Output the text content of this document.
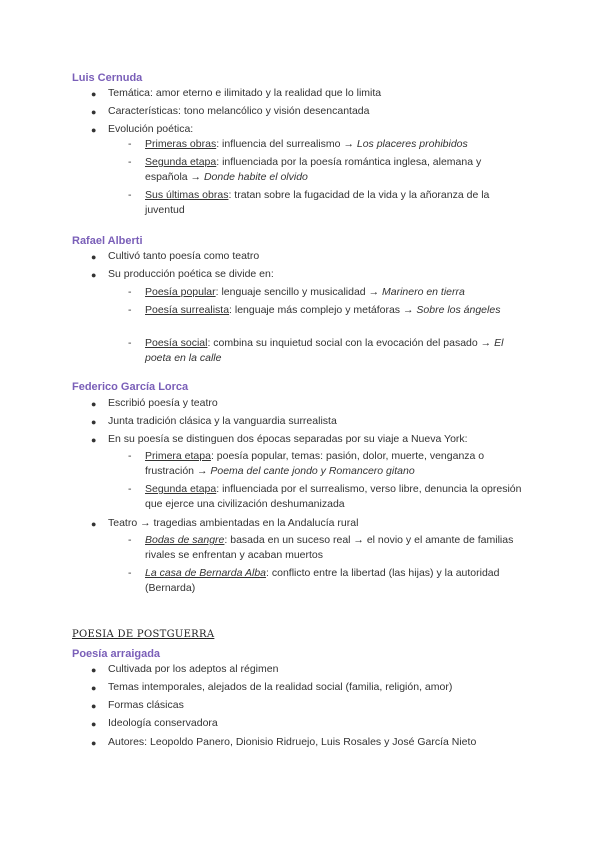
Luis Cernuda
● Temática: amor eterno e ilimitado y la realidad que lo limita
● Características: tono melancólico y visión desencantada
● Evolución poética:
- Primeras obras: influencia del surrealismo → Los placeres prohibidos
- Segunda etapa: influenciada por la poesía romántica inglesa, alemana y española → Donde habite el olvido
- Sus últimas obras: tratan sobre la fugacidad de la vida y la añoranza de la juventud
Rafael Alberti
● Cultivó tanto poesía como teatro
● Su producción poética se divide en:
- Poesía popular: lenguaje sencillo y musicalidad → Marinero en tierra
- Poesía surrealista: lenguaje más complejo y metáforas → Sobre los ángeles
- Poesía social: combina su inquietud social con la evocación del pasado → El poeta en la calle
Federico García Lorca
● Escribió poesía y teatro
● Junta tradición clásica y la vanguardia surrealista
● En su poesía se distinguen dos épocas separadas por su viaje a Nueva York:
- Primera etapa: poesía popular, temas: pasión, dolor, muerte, venganza o frustración → Poema del cante jondo y Romancero gitano
- Segunda etapa: influenciada por el surrealismo, verso libre, denuncia la opresión que ejerce una civilización deshumanizada
● Teatro → tragedias ambientadas en la Andalucía rural
- Bodas de sangre: basada en un suceso real → el novio y el amante de familias rivales se enfrentan y acaban muertos
- La casa de Bernarda Alba: conflicto entre la libertad (las hijas) y la autoridad (Bernarda)
POESIA DE POSTGUERRA
Poesía arraigada
● Cultivada por los adeptos al régimen
● Temas intemporales, alejados de la realidad social (familia, religión, amor)
● Formas clásicas
● Ideología conservadora
● Autores: Leopoldo Panero, Dionisio Ridruejo, Luis Rosales y José García Nieto
